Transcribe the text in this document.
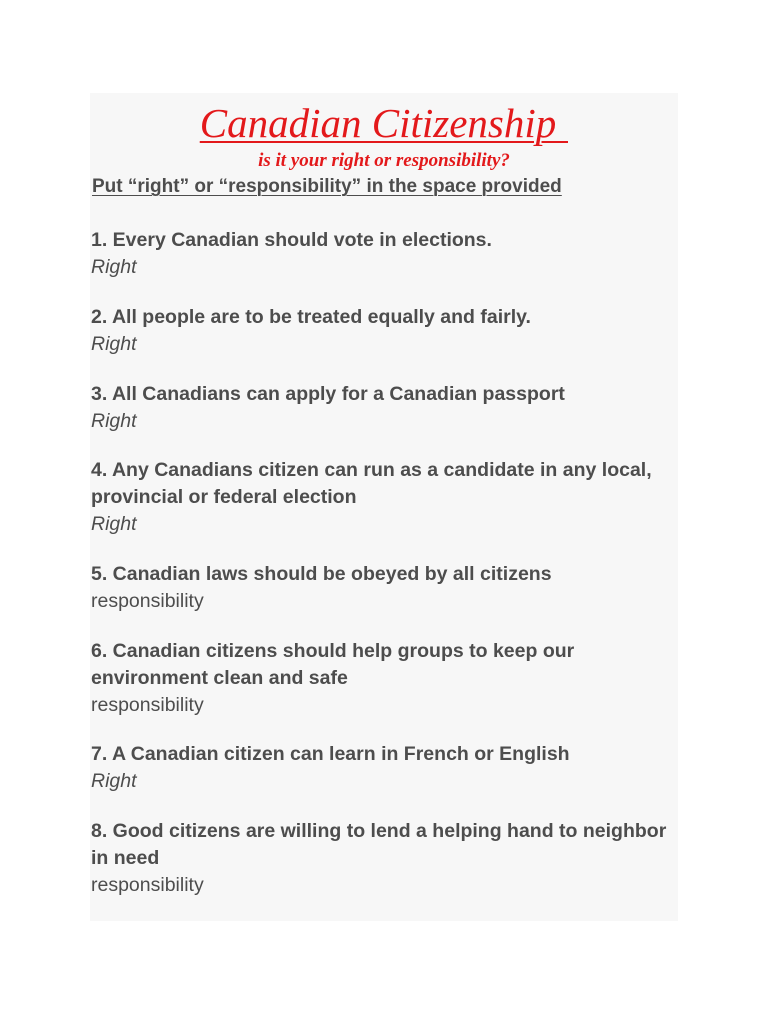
Canadian Citizenship
is it your right or responsibility?
Put “right” or “responsibility” in the space provided
1. Every Canadian should vote in elections.
Right
2. All people are to be treated equally and fairly.
Right
3. All Canadians can apply for a Canadian passport
Right
4. Any Canadians citizen can run as a candidate in any local, provincial or federal election
Right
5. Canadian laws should be obeyed by all citizens
responsibility
6. Canadian citizens should help groups to keep our environment clean and safe
responsibility
7. A Canadian citizen can learn in French or English
Right
8. Good citizens are willing to lend a helping hand to neighbor in need
responsibility
